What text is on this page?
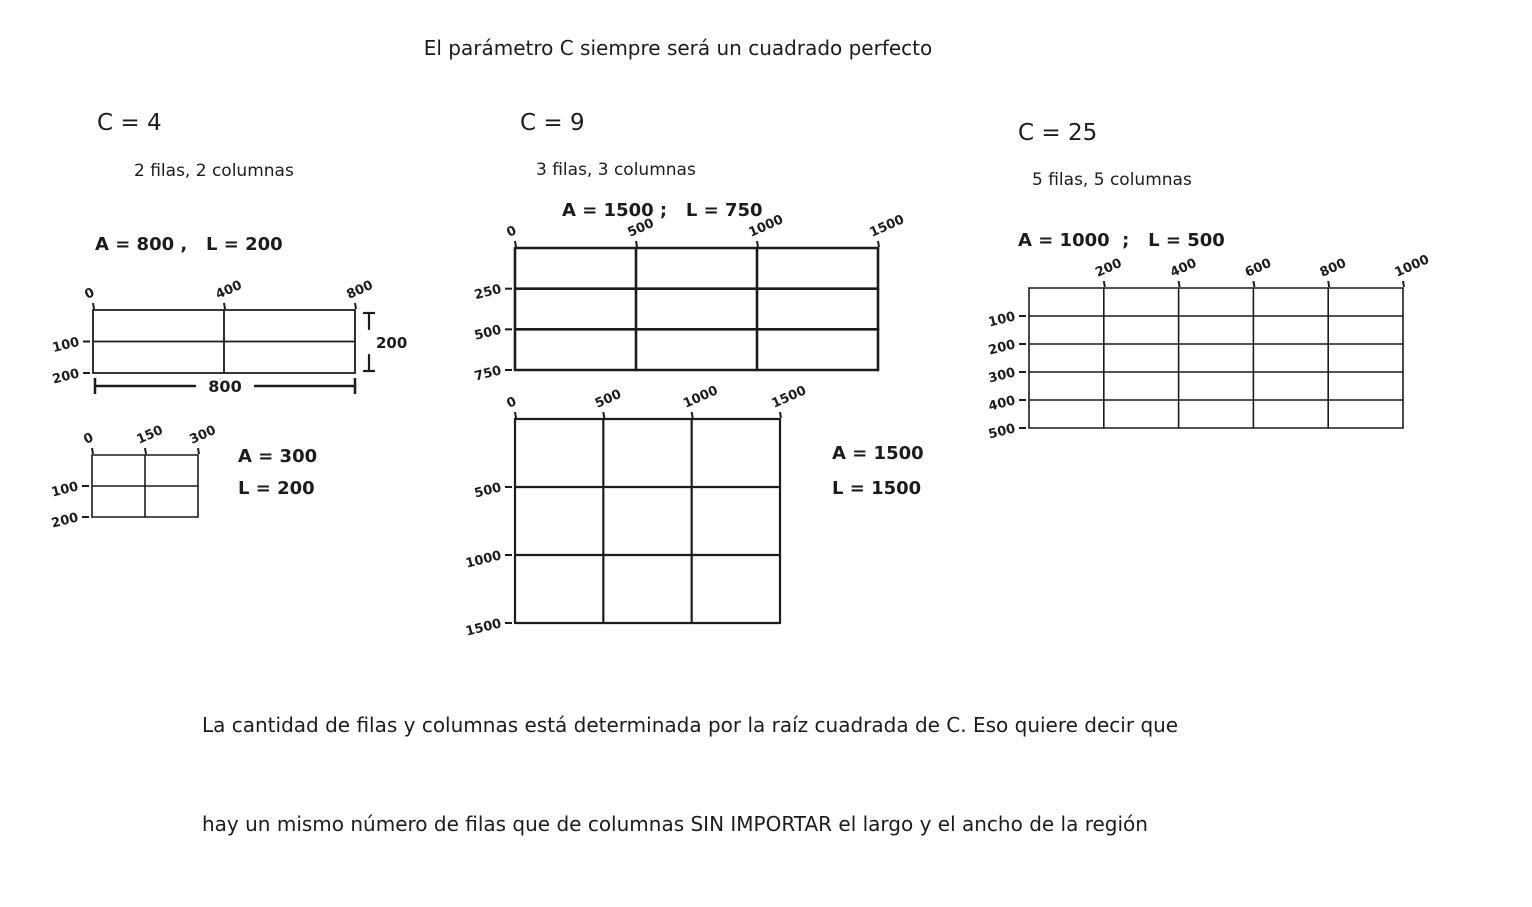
El parámetro C siempre será un cuadrado perfecto
C = 4
2 filas, 2 columnas
A = 800 ,   L = 200
C = 9
3 filas, 3 columnas
A = 1500 ;   L = 750
C = 25
5 filas, 5 columnas
A = 1000  ;   L = 500
A = 300
L = 200
A = 1500
L = 1500

La cantidad de filas y columnas está determinada por la raíz cuadrada de C. Eso quiere decir que

hay un mismo número de filas que de columnas SIN IMPORTAR el largo y el ancho de la región

0	400	800
100
200
0	150 300
100
200
0	500	1000	1500
250
500
750
0	500	1000	1500
500
1000
1500
200	400	600	800	1000
100
200
300
400
500
800
200
